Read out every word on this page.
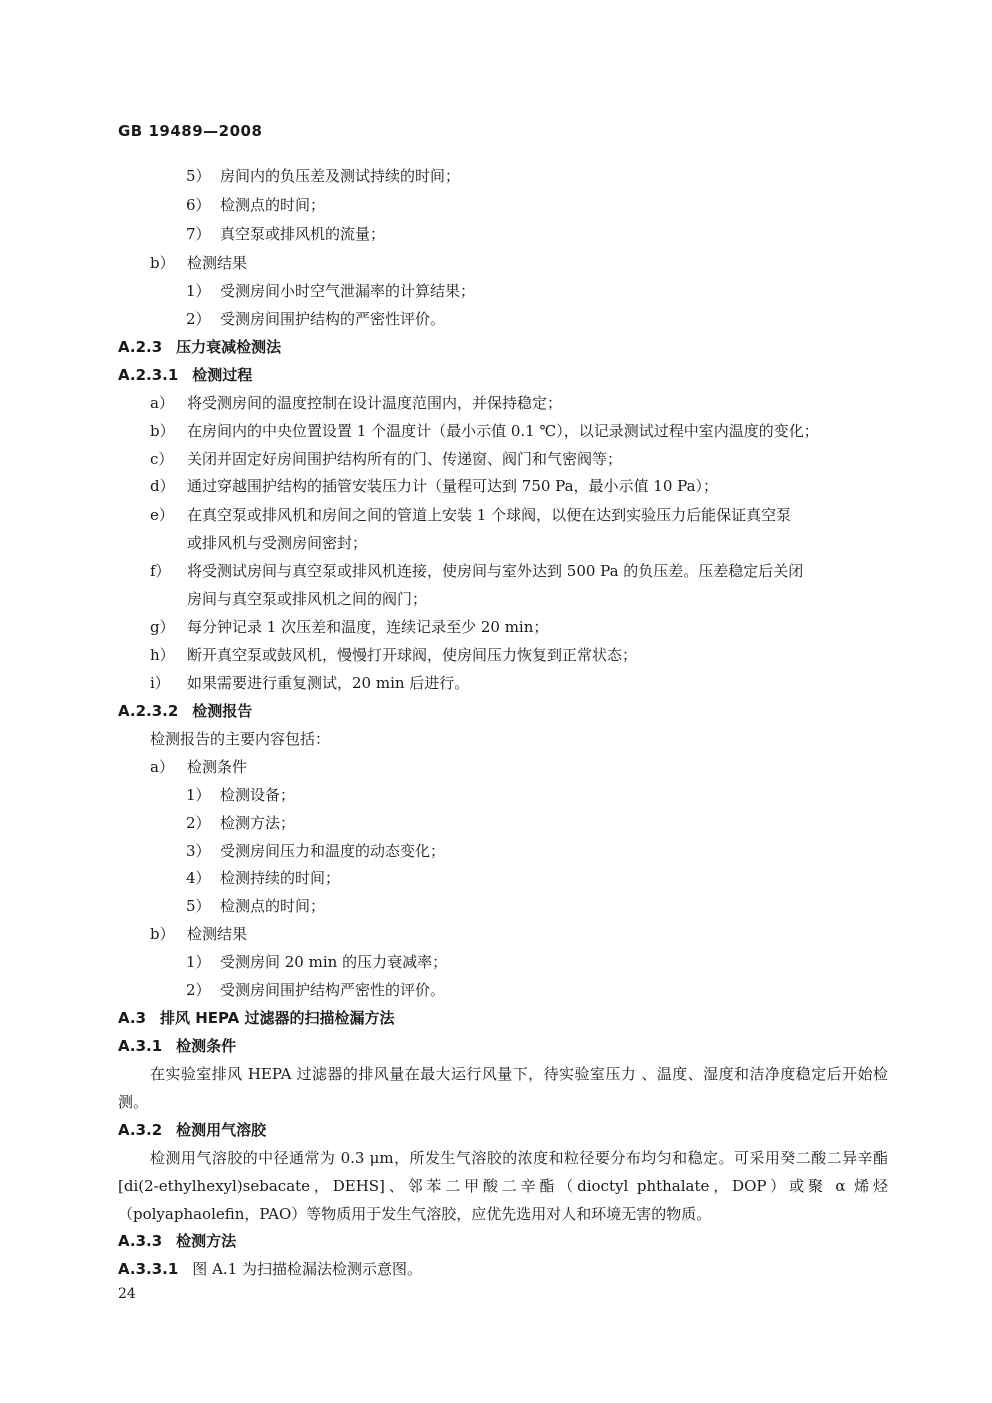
GB 19489—2008
5） 房间内的负压差及测试持续的时间；
6） 检测点的时间；
7） 真空泵或排风机的流量；
b） 检测结果
1） 受测房间小时空气泄漏率的计算结果；
2） 受测房间围护结构的严密性评价。
A.2.3 压力衰减检测法
A.2.3.1 检测过程
a） 将受测房间的温度控制在设计温度范围内，并保持稳定；
b） 在房间内的中央位置设置 1 个温度计（最小示值 0.1 ℃），以记录测试过程中室内温度的变化；
c） 关闭并固定好房间围护结构所有的门、传递窗、阀门和气密阀等；
d） 通过穿越围护结构的插管安装压力计（量程可达到 750 Pa，最小示值 10 Pa）；
e） 在真空泵或排风机和房间之间的管道上安装 1 个球阀，以便在达到实验压力后能保证真空泵
或排风机与受测房间密封；
f） 将受测试房间与真空泵或排风机连接，使房间与室外达到 500 Pa 的负压差。压差稳定后关闭
房间与真空泵或排风机之间的阀门；
g） 每分钟记录 1 次压差和温度，连续记录至少 20 min；
h） 断开真空泵或鼓风机，慢慢打开球阀，使房间压力恢复到正常状态；
i） 如果需要进行重复测试，20 min 后进行。
A.2.3.2 检测报告
检测报告的主要内容包括：
a） 检测条件
1） 检测设备；
2） 检测方法；
3） 受测房间压力和温度的动态变化；
4） 检测持续的时间；
5） 检测点的时间；
b） 检测结果
1） 受测房间 20 min 的压力衰减率；
2） 受测房间围护结构严密性的评价。
A.3 排风 HEPA 过滤器的扫描检漏方法
A.3.1 检测条件
在实验室排风 HEPA 过滤器的排风量在最大运行风量下，待实验室压力 、温度、湿度和洁净度稳定后开始检测。
A.3.2 检测用气溶胶
检测用气溶胶的中径通常为 0.3 μm，所发生气溶胶的浓度和粒径要分布均匀和稳定。可采用癸二酸二异辛酯[di(2-ethylhexyl)sebacate，DEHS]、邻苯二甲酸二辛酯（dioctyl phthalate，DOP）或聚 α 烯烃（polyaphaolefin，PAO）等物质用于发生气溶胶，应优先选用对人和环境无害的物质。
A.3.3 检测方法
A.3.3.1 图 A.1 为扫描检漏法检测示意图。
24
